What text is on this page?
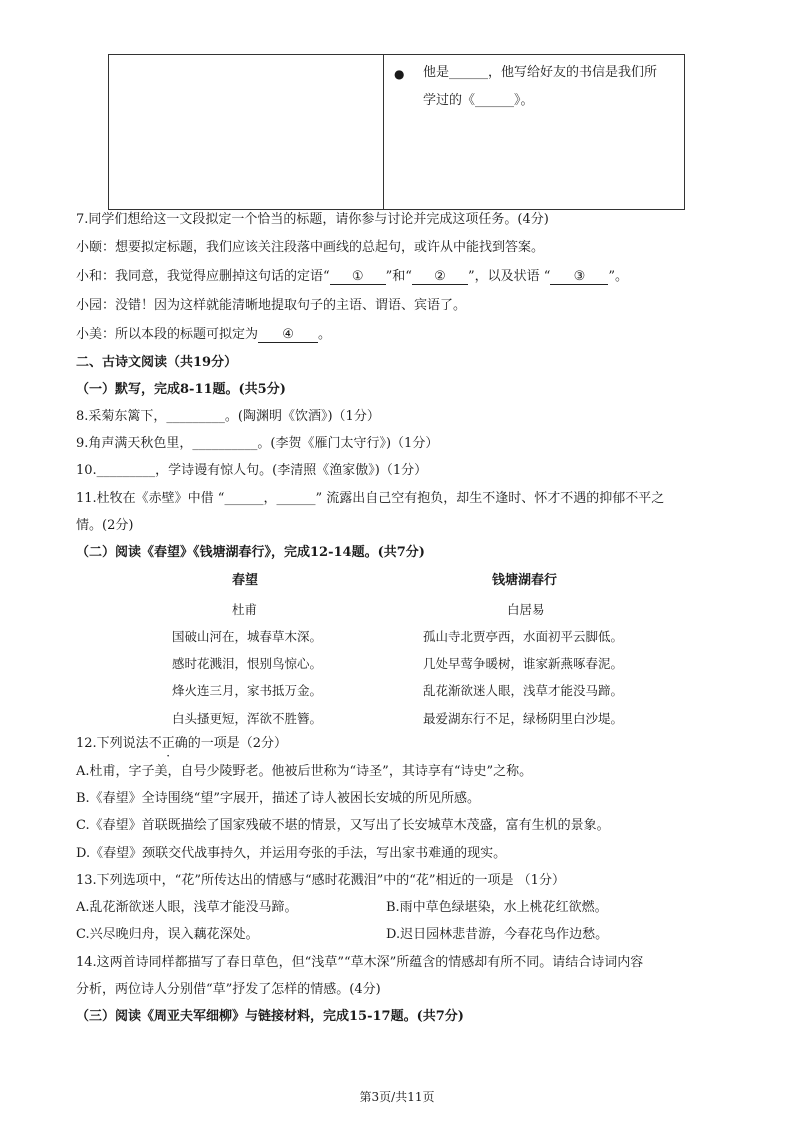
● 他是______，他写给好友的书信是我们所
学过的《______》。
7.同学们想给这一文段拟定一个恰当的标题，请你参与讨论并完成这项任务。(4分)
小颐：想要拟定标题，我们应该关注段落中画线的总起句，或许从中能找到答案。
小和：我同意，我觉得应删掉这句话的定语“ ① ”和“ ② ”，以及状语 “ ③ ”。
小园：没错！因为这样就能清晰地提取句子的主语、谓语、宾语了。
小美：所以本段的标题可拟定为 ④ 。
二、古诗文阅读（共19分）
（一）默写，完成8-11题。(共5分)
8.采菊东篱下，_________。(陶渊明《饮酒》)（1分）
9.角声满天秋色里，__________。(李贺《雁门太守行》)（1分）
10._________，学诗谩有惊人句。(李清照《渔家傲》)（1分）
11.杜牧在《赤壁》中借 “______，______” 流露出自己空有抱负，却生不逢时、怀才不遇的抑郁不平之
情。(2分)
（二）阅读《春望》《钱塘湖春行》，完成12-14题。(共7分)
春望
杜甫
国破山河在，城春草木深。
感时花溅泪，恨别鸟惊心。
烽火连三月，家书抵万金。
白头搔更短，浑欲不胜簪。
钱塘湖春行
白居易
孤山寺北贾亭西，水面初平云脚低。
几处早莺争暖树，谁家新燕啄春泥。
乱花渐欲迷人眼，浅草才能没马蹄。
最爱湖东行不足，绿杨阴里白沙堤。
12.下列说法不正确的一项是（2分）
A.杜甫，字子美，自号少陵野老。他被后世称为“诗圣”，其诗享有“诗史”之称。
B.《春望》全诗围绕“望”字展开，描述了诗人被困长安城的所见所感。
C.《春望》首联既描绘了国家残破不堪的情景，又写出了长安城草木茂盛，富有生机的景象。
D.《春望》颈联交代战事持久，并运用夸张的手法，写出家书难通的现实。
13.下列选项中，“花”所传达出的情感与“感时花溅泪”中的“花”相近的一项是 （1分）
A.乱花渐欲迷人眼，浅草才能没马蹄。	B.雨中草色绿堪染，水上桃花红欲燃。
C.兴尽晚归舟，误入藕花深处。	D.迟日园林悲昔游，今春花鸟作边愁。
14.这两首诗同样都描写了春日草色，但“浅草”“草木深”所蕴含的情感却有所不同。请结合诗词内容
分析，两位诗人分别借“草”抒发了怎样的情感。(4分)
（三）阅读《周亚夫军细柳》与链接材料，完成15-17题。(共7分)
第3页/共11页
